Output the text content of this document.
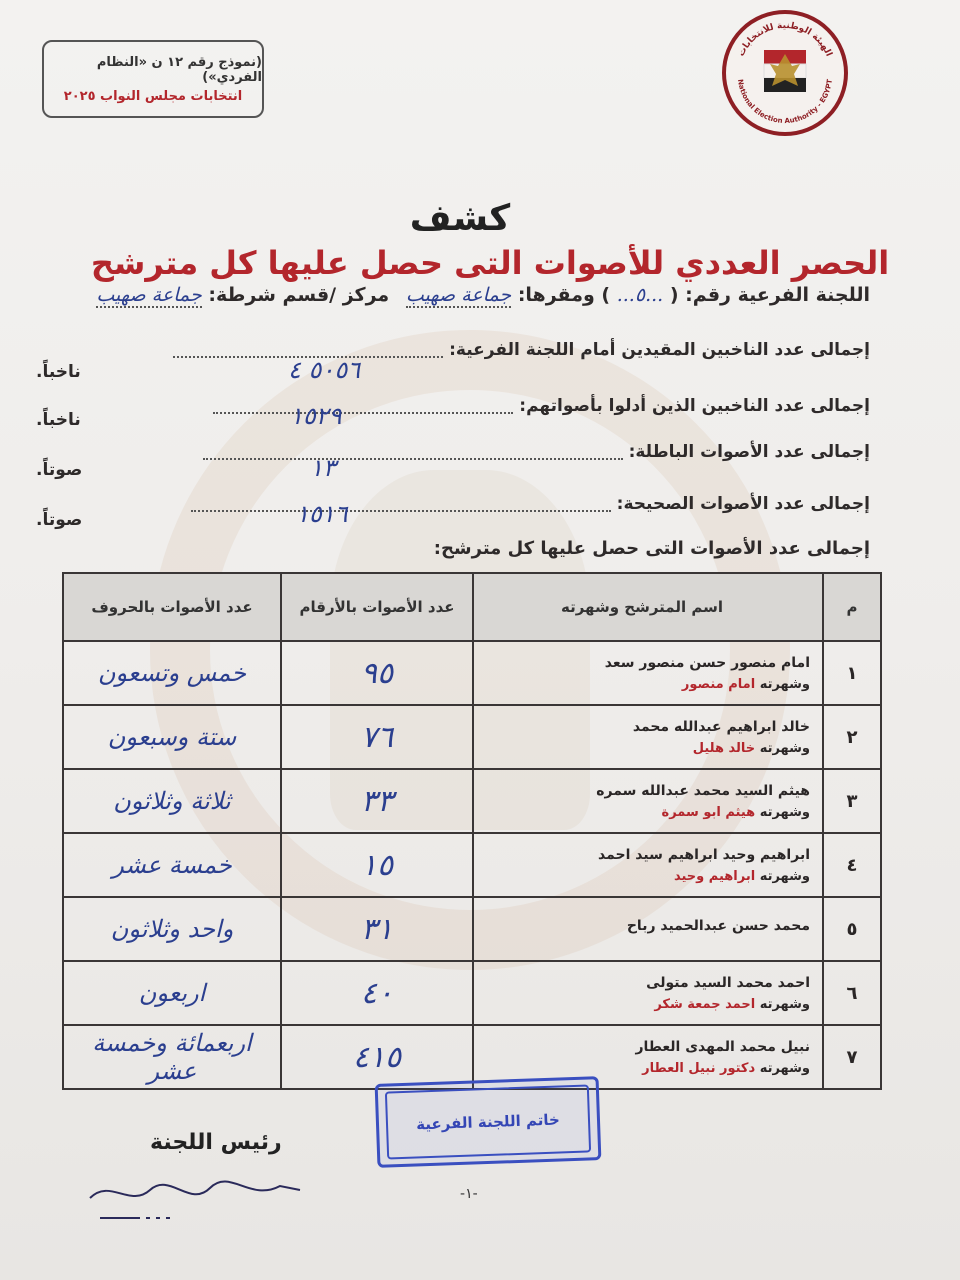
(نموذج رقم ١٢ ن «النظام الفردي»)
انتخابات مجلس النواب ٢٠٢٥
الهيئة الوطنية للانتخابات
National Election Authority - EGYPT
كشف
الحصر العددي للأصوات التى حصل عليها كل مترشح
اللجنة الفرعية رقم: ( ...٥... ) ومقرها: جماعة صهيب مركز /قسم شرطة: جماعة صهيب
إجمالى عدد الناخبين المقيدين أمام اللجنة الفرعية:
٥٠٥٦ ٤
ناخباً.
إجمالى عدد الناخبين الذين أدلوا بأصواتهم:
١٥٢٩
ناخباً.
إجمالى عدد الأصوات الباطلة:
١٣
صوتاً.
إجمالى عدد الأصوات الصحيحة:
١٥١٦
صوتاً.
إجمالى عدد الأصوات التى حصل عليها كل مترشح:
م	اسم المترشح وشهرته	عدد الأصوات بالأرقام	عدد الأصوات بالحروف
١	امام منصور حسن منصور سعد
وشهرته امام منصور	٩٥	خمس وتسعون
٢	خالد ابراهيم عبدالله محمد
وشهرته خالد هليل	٧٦	ستة وسبعون
٣	هيثم السيد محمد عبدالله سمره
وشهرته هيثم ابو سمرة	٣٣	ثلاثة وثلاثون
٤	ابراهيم وحيد ابراهيم سيد احمد
وشهرته ابراهيم وحيد	١٥	خمسة عشر
٥	محمد حسن عبدالحميد رباح	٣١	واحد وثلاثون
٦	احمد محمد السيد متولى
وشهرته احمد جمعة شكر	٤٠	اربعون
٧	نبيل محمد المهدى العطار
وشهرته دكتور نبيل العطار	٤١٥	اربعمائة وخمسة عشر
خاتم اللجنة الفرعية
رئيس اللجنة
-١-
